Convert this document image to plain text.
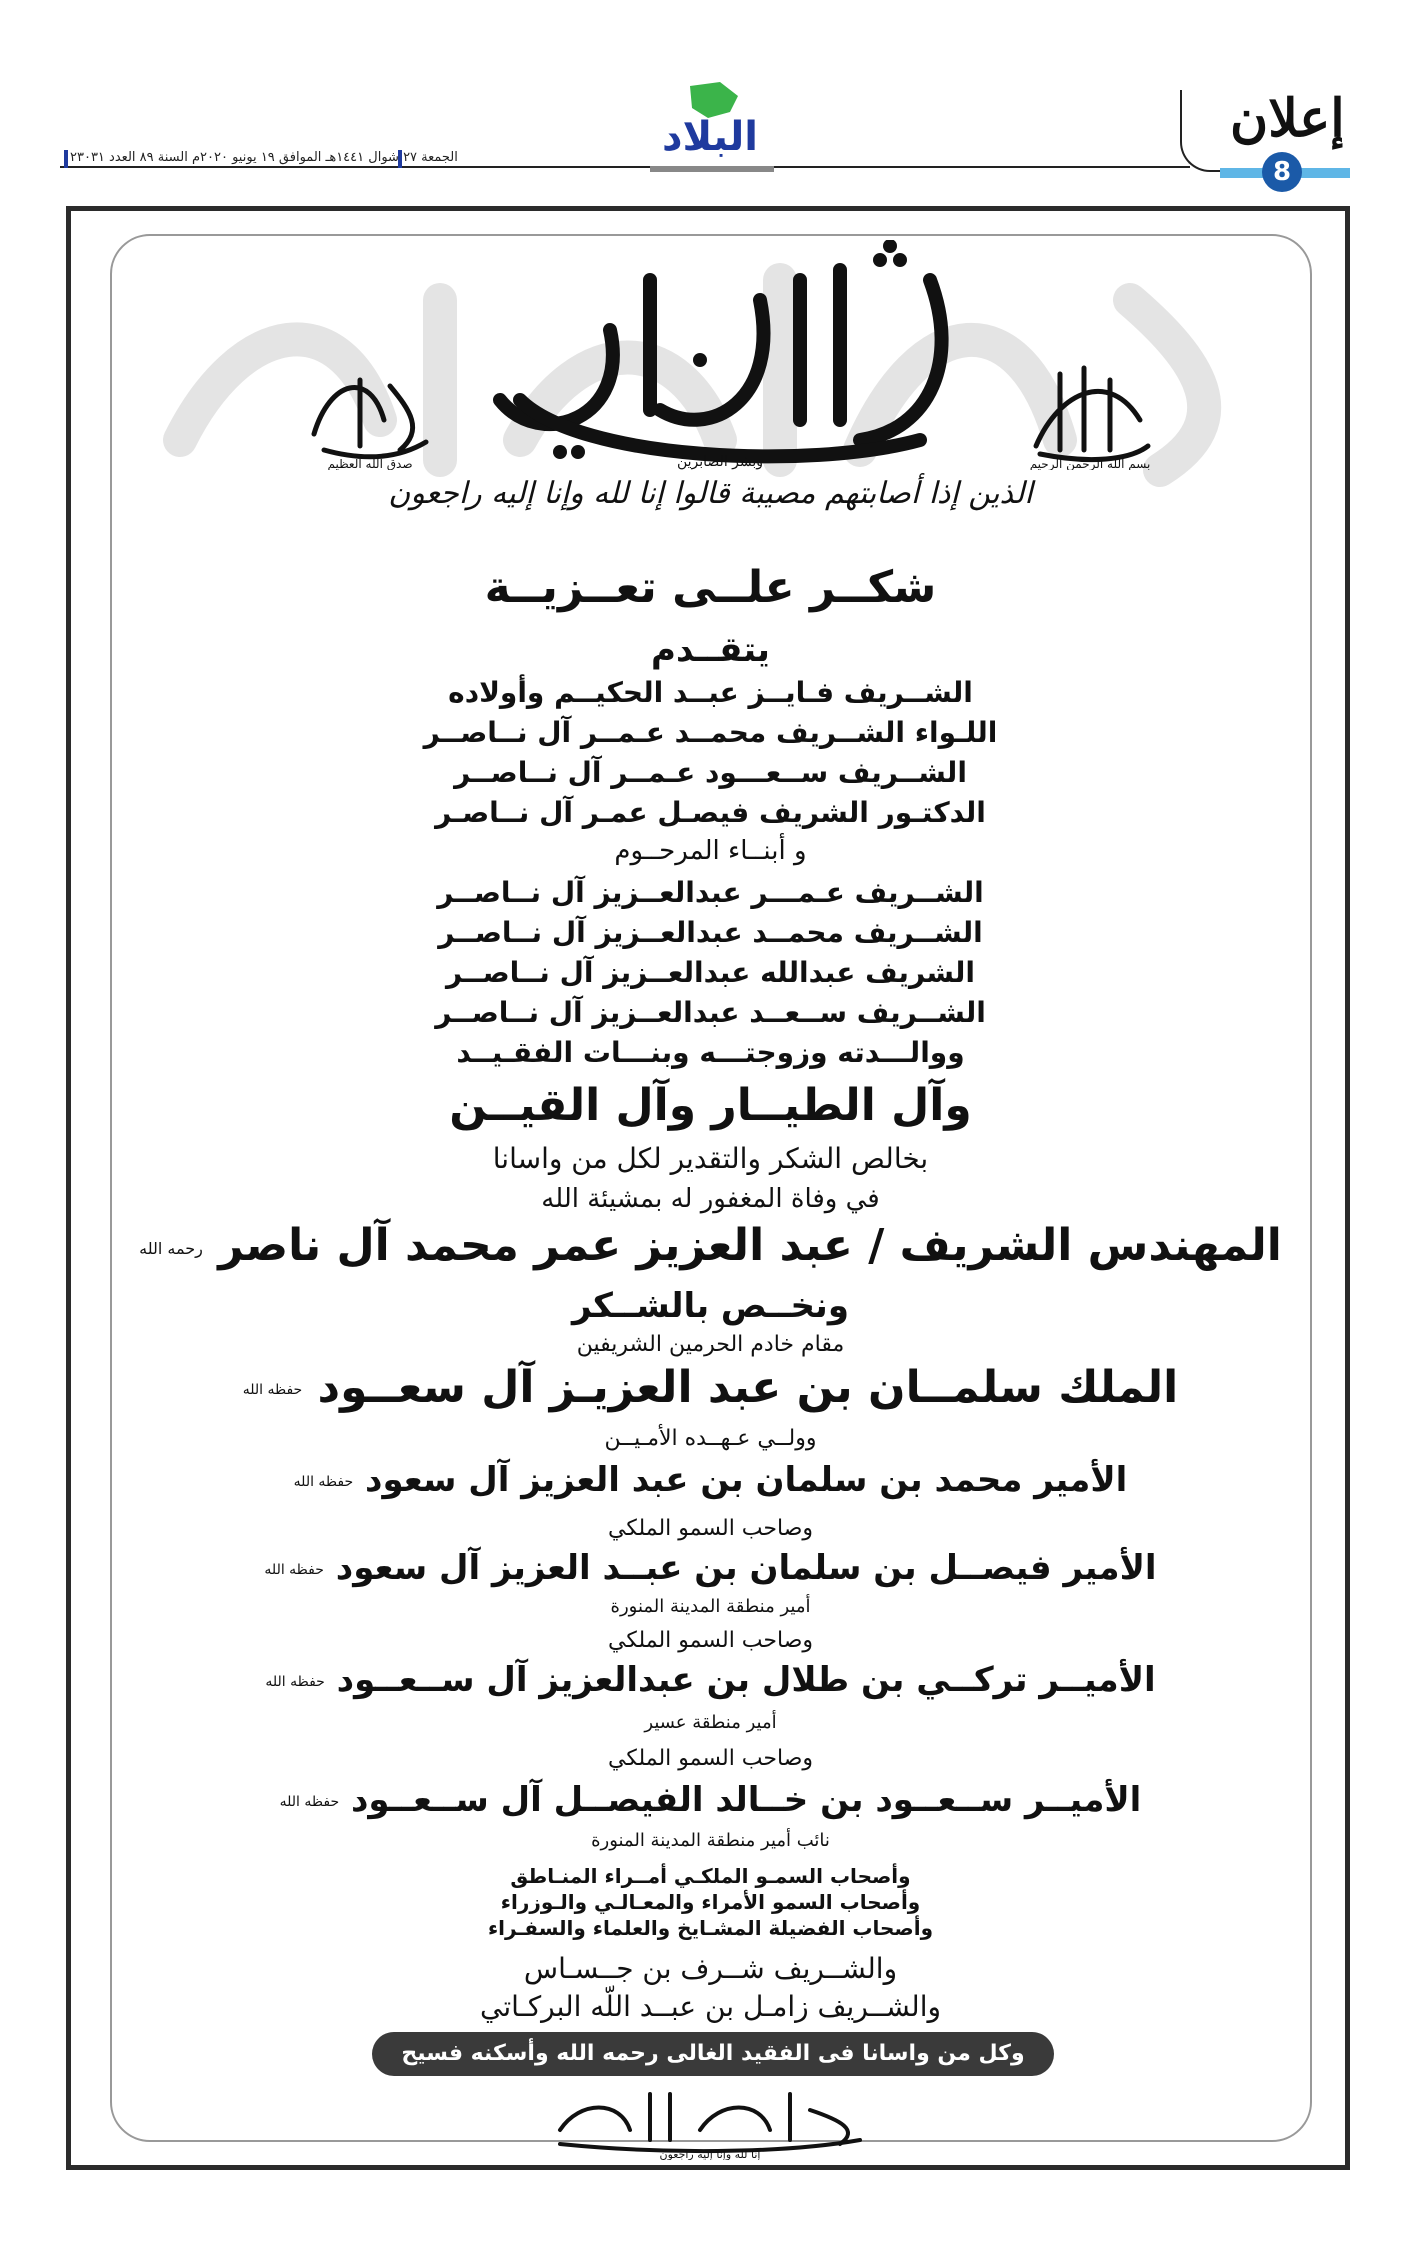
الجمعة ٢٧ شوال ١٤٤١هـ الموافق ١٩ يونيو ٢٠٢٠م السنة ٨٩ العدد ٢٣٠٣١	البلاد	إعلان
8
صدق الله العظيم	بسم الله الرحمن الرحيم
وبشر الصابرين
الذين إذا أصابتهم مصيبة قالوا إنا لله وإنا إليه راجعون
شكــر علــى تعــزيــة
يتقــدم
الشــريف فـايــز عبــد الحكيــم وأولاده
اللـواء الشــريف محمــد عـمــر آل نــاصــر
الشــريف ســعـــود عـمــر آل نــاصــر
الدكتـور الشريف فيصـل عمـر آل نــاصـر
و أبنــاء المرحــوم
الشــريف عـمـــر عبدالعــزيز آل نــاصــر
الشــريف محمــد عبدالعــزيز آل نــاصــر
الشريف عبدالله عبدالعــزيز آل نــاصــر
الشــريف ســعــد عبدالعــزيز آل نــاصــر
ووالـــدته وزوجتـــه وبنـــات الفقـيــد
وآل الطيــار وآل القيــن
بخالص الشكر والتقدير لكل من واسانا
في وفاة المغفور له بمشيئة الله
المهندس الشريف / عبد العزيز عمر محمد آل ناصر رحمه الله
ونخــص بالشــكر
مقام خادم الحرمين الشريفين
الملك سلمــان بن عبد العزيـز آل سعــود حفظه الله
وولــي عـهــده الأمـيــن
الأمير محمد بن سلمان بن عبد العزيز آل سعود حفظه الله
وصاحب السمو الملكي
الأمير فيصــل بن سلمان بن عبــد العزيز آل سعود حفظه الله
أمير منطقة المدينة المنورة
وصاحب السمو الملكي
الأميــر تركــي بن طلال بن عبدالعزيز آل ســعــود حفظه الله
أمير منطقة عسير
وصاحب السمو الملكي
الأميــر ســعــود بن خــالد الفيصــل آل ســعــود حفظه الله
نائب أمير منطقة المدينة المنورة
وأصحاب السمـو الملكـي أمــراء المنـاطق
وأصحاب السمو الأمراء والمعـالـي والـوزراء
وأصحاب الفضيلة المشـايخ والعلماء والسفـراء
والشــريف شــرف بن جــسـاس
والشــريف زامـل بن عبــد اللّه البركـاتي
وكل من واسانا فى الفقيد الغالى رحمه الله وأسكنه فسيح جناته
إنا لله وإنا إليه راجعون
